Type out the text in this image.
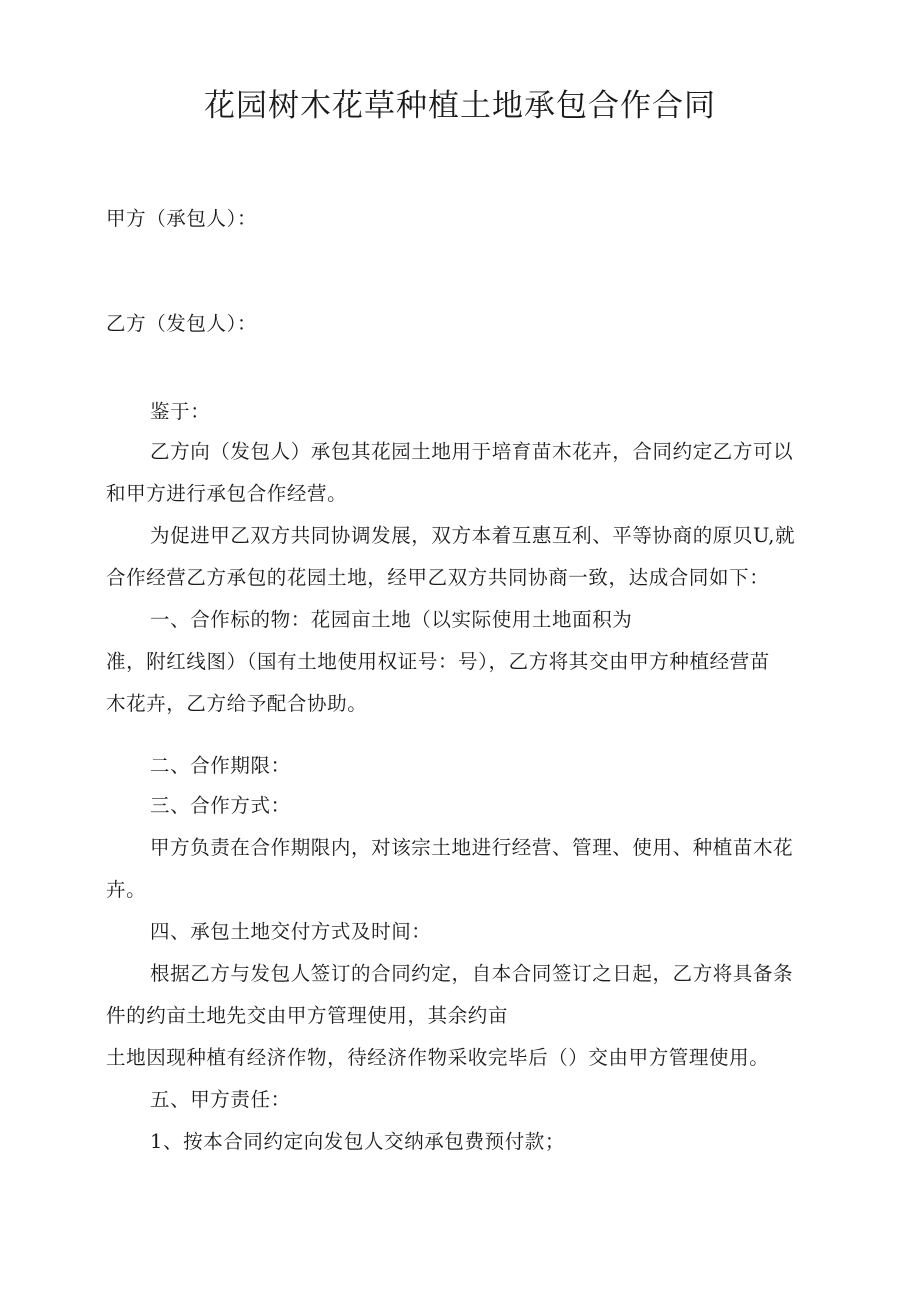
花园树木花草种植土地承包合作合同
甲方（承包人）：
乙方（发包人）：
鉴于：
乙方向（发包人）承包其花园土地用于培育苗木花卉，合同约定乙方可以
和甲方进行承包合作经营。
为促进甲乙双方共同协调发展，双方本着互惠互利、平等协商的原贝U,就
合作经营乙方承包的花园土地，经甲乙双方共同协商一致，达成合同如下：
一、合作标的物：花园亩土地（以实际使用土地面积为
准，附红线图）（国有土地使用权证号：号），乙方将其交由甲方种植经营苗
木花卉，乙方给予配合协助。
二、合作期限：
三、合作方式：
甲方负责在合作期限内，对该宗土地进行经营、管理、使用、种植苗木花
卉。
四、承包土地交付方式及时间：
根据乙方与发包人签订的合同约定，自本合同签订之日起，乙方将具备条
件的约亩土地先交由甲方管理使用，其余约亩
土地因现种植有经济作物，待经济作物采收完毕后（）交由甲方管理使用。
五、甲方责任：
1、按本合同约定向发包人交纳承包费预付款；
